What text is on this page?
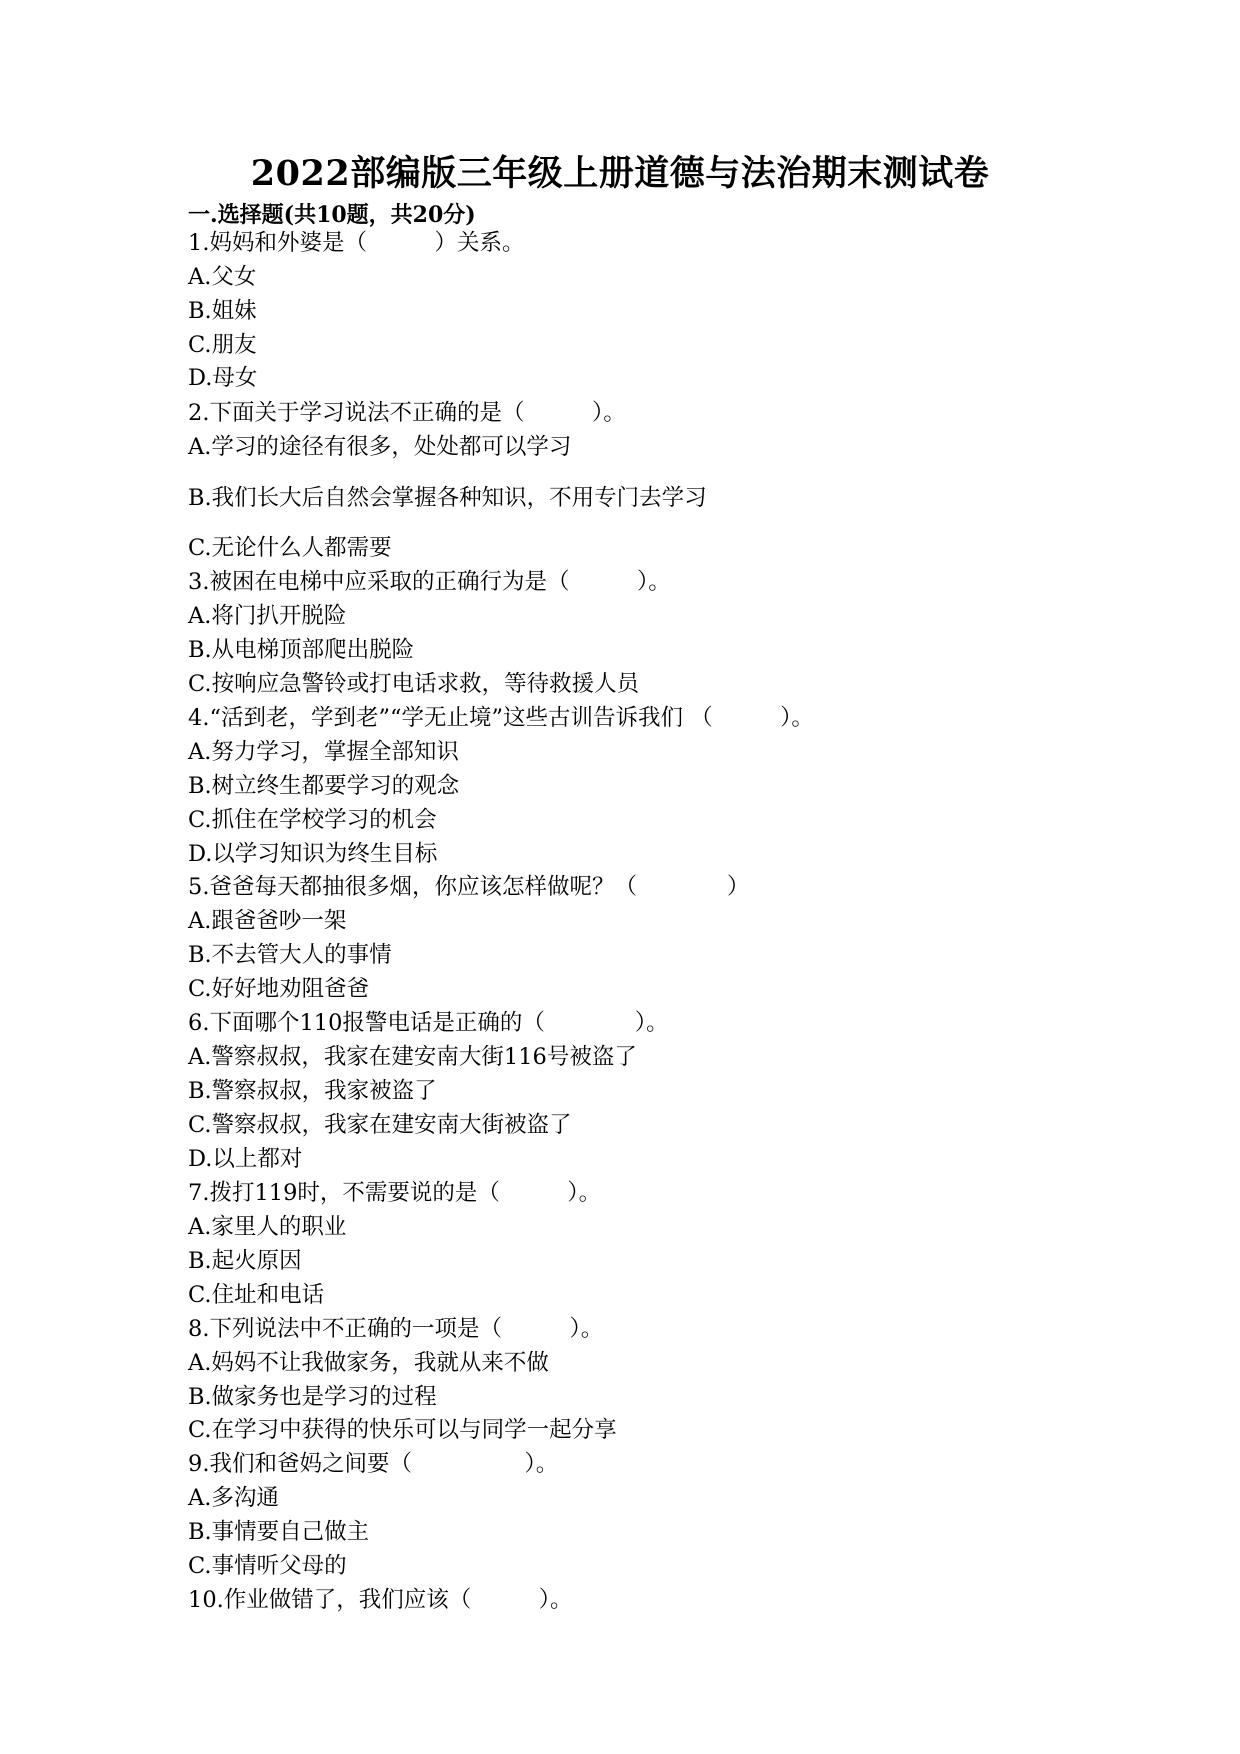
2022部编版三年级上册道德与法治期末测试卷
一.选择题(共10题，共20分)
1.妈妈和外婆是（　　　）关系。
A.父女
B.姐妹
C.朋友
D.母女
2.下面关于学习说法不正确的是（　　　）。
A.学习的途径有很多，处处都可以学习
B.我们长大后自然会掌握各种知识，不用专门去学习
C.无论什么人都需要
3.被困在电梯中应采取的正确行为是（　　　）。
A.将门扒开脱险
B.从电梯顶部爬出脱险
C.按响应急警铃或打电话求救，等待救援人员
4.“活到老，学到老”“学无止境”这些古训告诉我们 （　　　）。
A.努力学习，掌握全部知识
B.树立终生都要学习的观念
C.抓住在学校学习的机会
D.以学习知识为终生目标
5.爸爸每天都抽很多烟，你应该怎样做呢？（　　　　）
A.跟爸爸吵一架
B.不去管大人的事情
C.好好地劝阻爸爸
6.下面哪个110报警电话是正确的（　　　　）。
A.警察叔叔，我家在建安南大街116号被盗了
B.警察叔叔，我家被盗了
C.警察叔叔，我家在建安南大街被盗了
D.以上都对
7.拨打119时，不需要说的是（　　　）。
A.家里人的职业
B.起火原因
C.住址和电话
8.下列说法中不正确的一项是（　　　）。
A.妈妈不让我做家务，我就从来不做
B.做家务也是学习的过程
C.在学习中获得的快乐可以与同学一起分享
9.我们和爸妈之间要（　　　　　）。
A.多沟通
B.事情要自己做主
C.事情听父母的
10.作业做错了，我们应该（　　　）。
